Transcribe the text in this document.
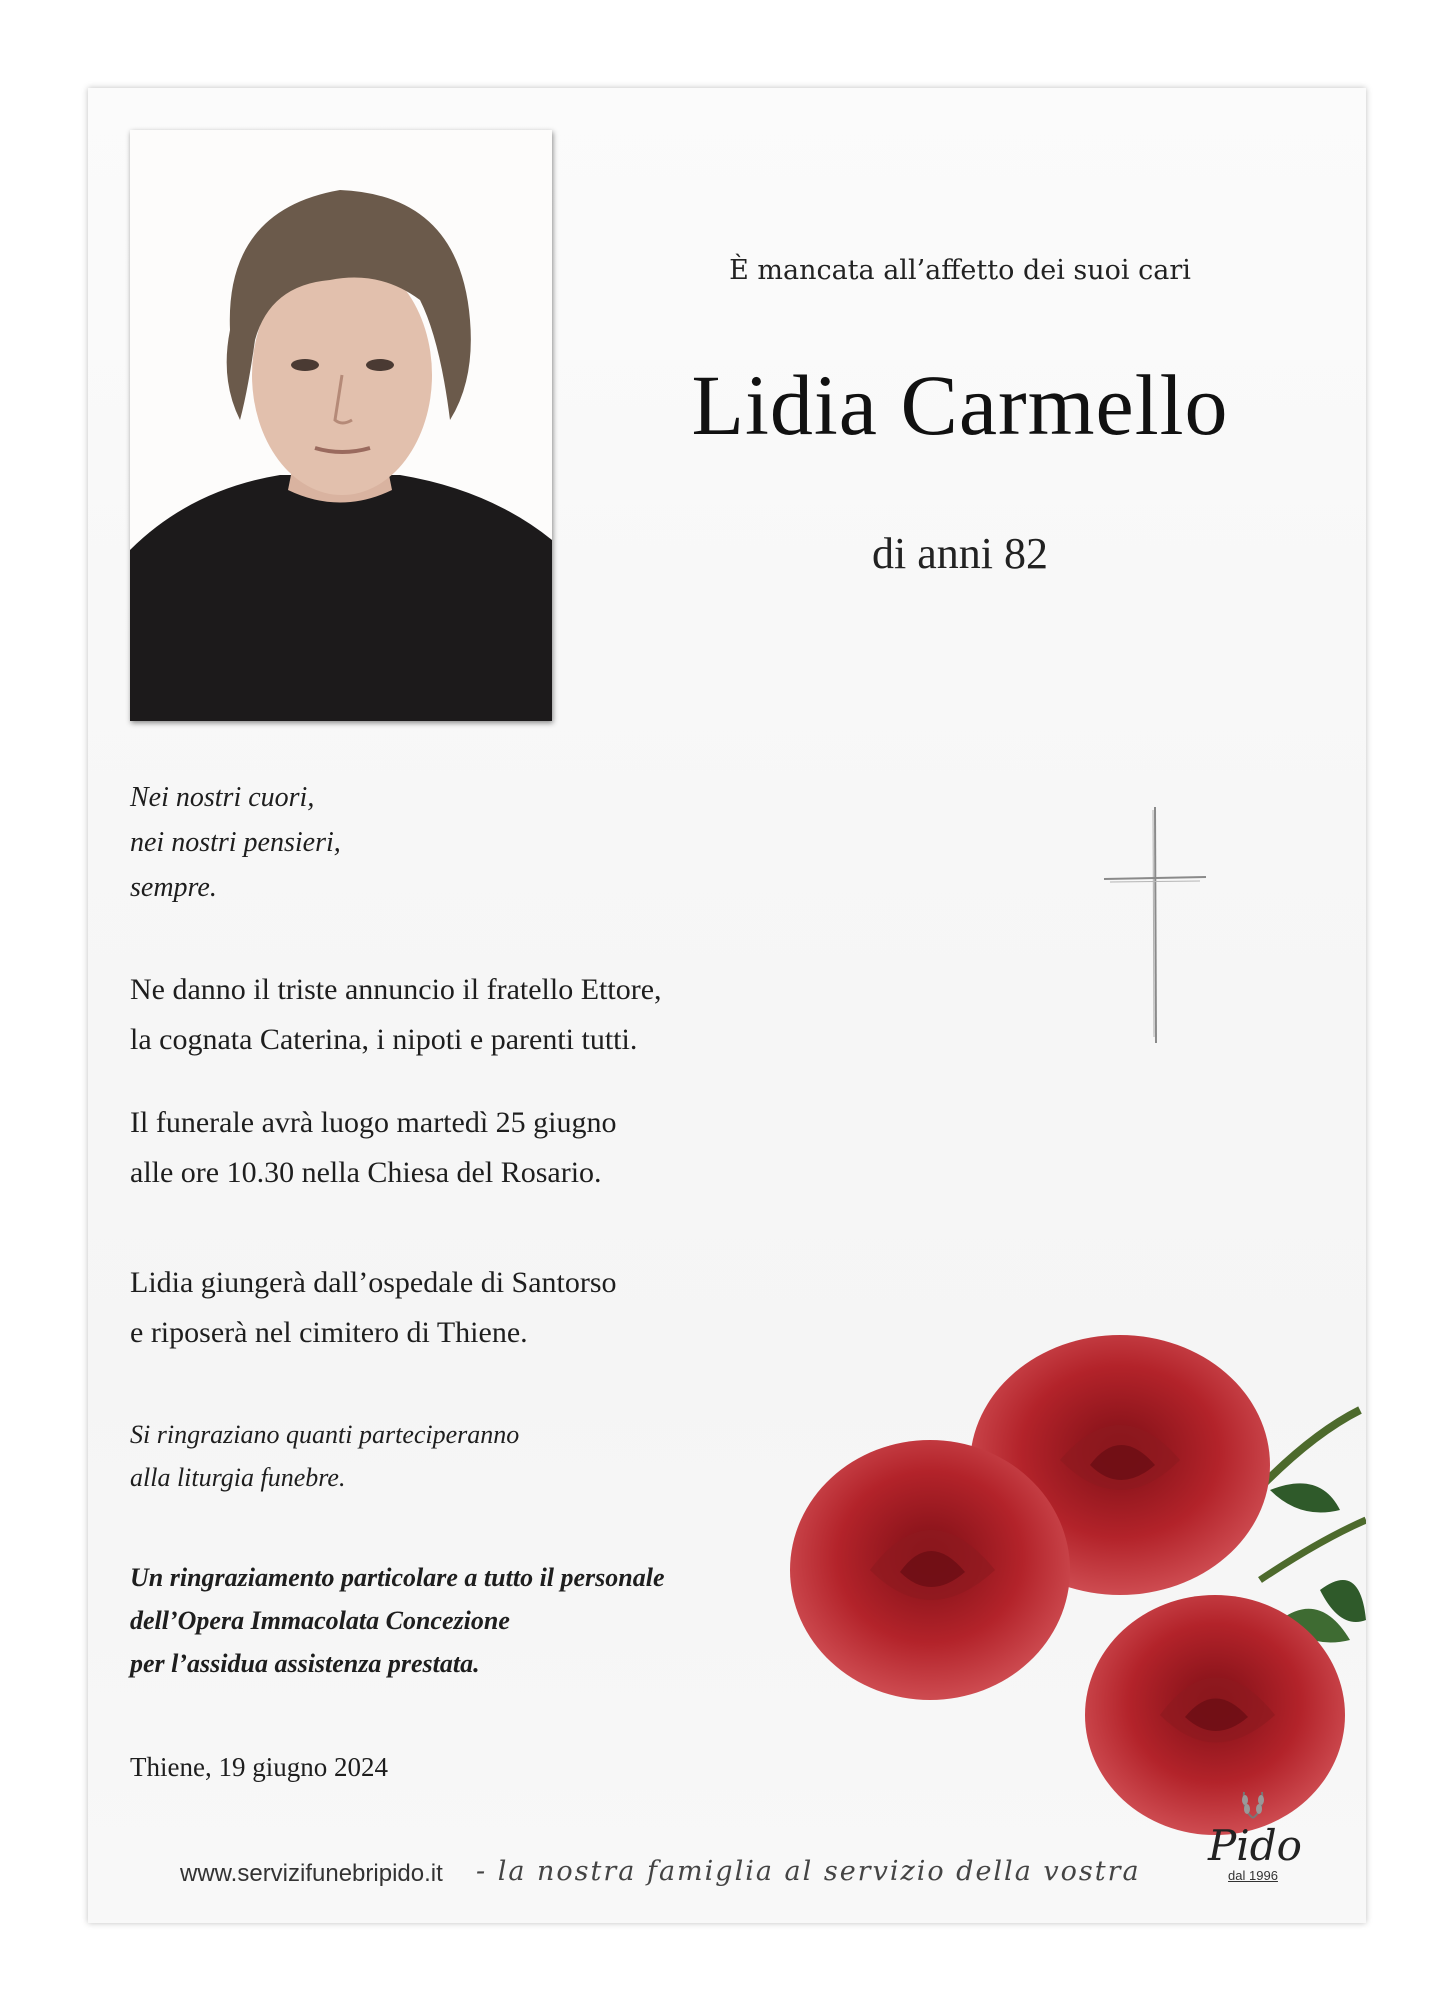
È mancata all’affetto dei suoi cari
Lidia Carmello
di anni 82
Nei nostri cuori,
nei nostri pensieri,
sempre.
Ne danno il triste annuncio il fratello Ettore,
la cognata Caterina, i nipoti e parenti tutti.
Il funerale avrà luogo martedì 25 giugno
alle ore 10.30 nella Chiesa del Rosario.
Lidia giungerà dall’ospedale di Santorso
e riposerà nel cimitero di Thiene.
Si ringraziano quanti parteciperanno
alla liturgia funebre.
Un ringraziamento particolare a tutto il personale
dell’Opera Immacolata Concezione
per l’assidua assistenza prestata.
Thiene, 19 giugno 2024
www.servizifunebripido.it - la nostra famiglia al servizio della vostra
Pido
dal 1996
